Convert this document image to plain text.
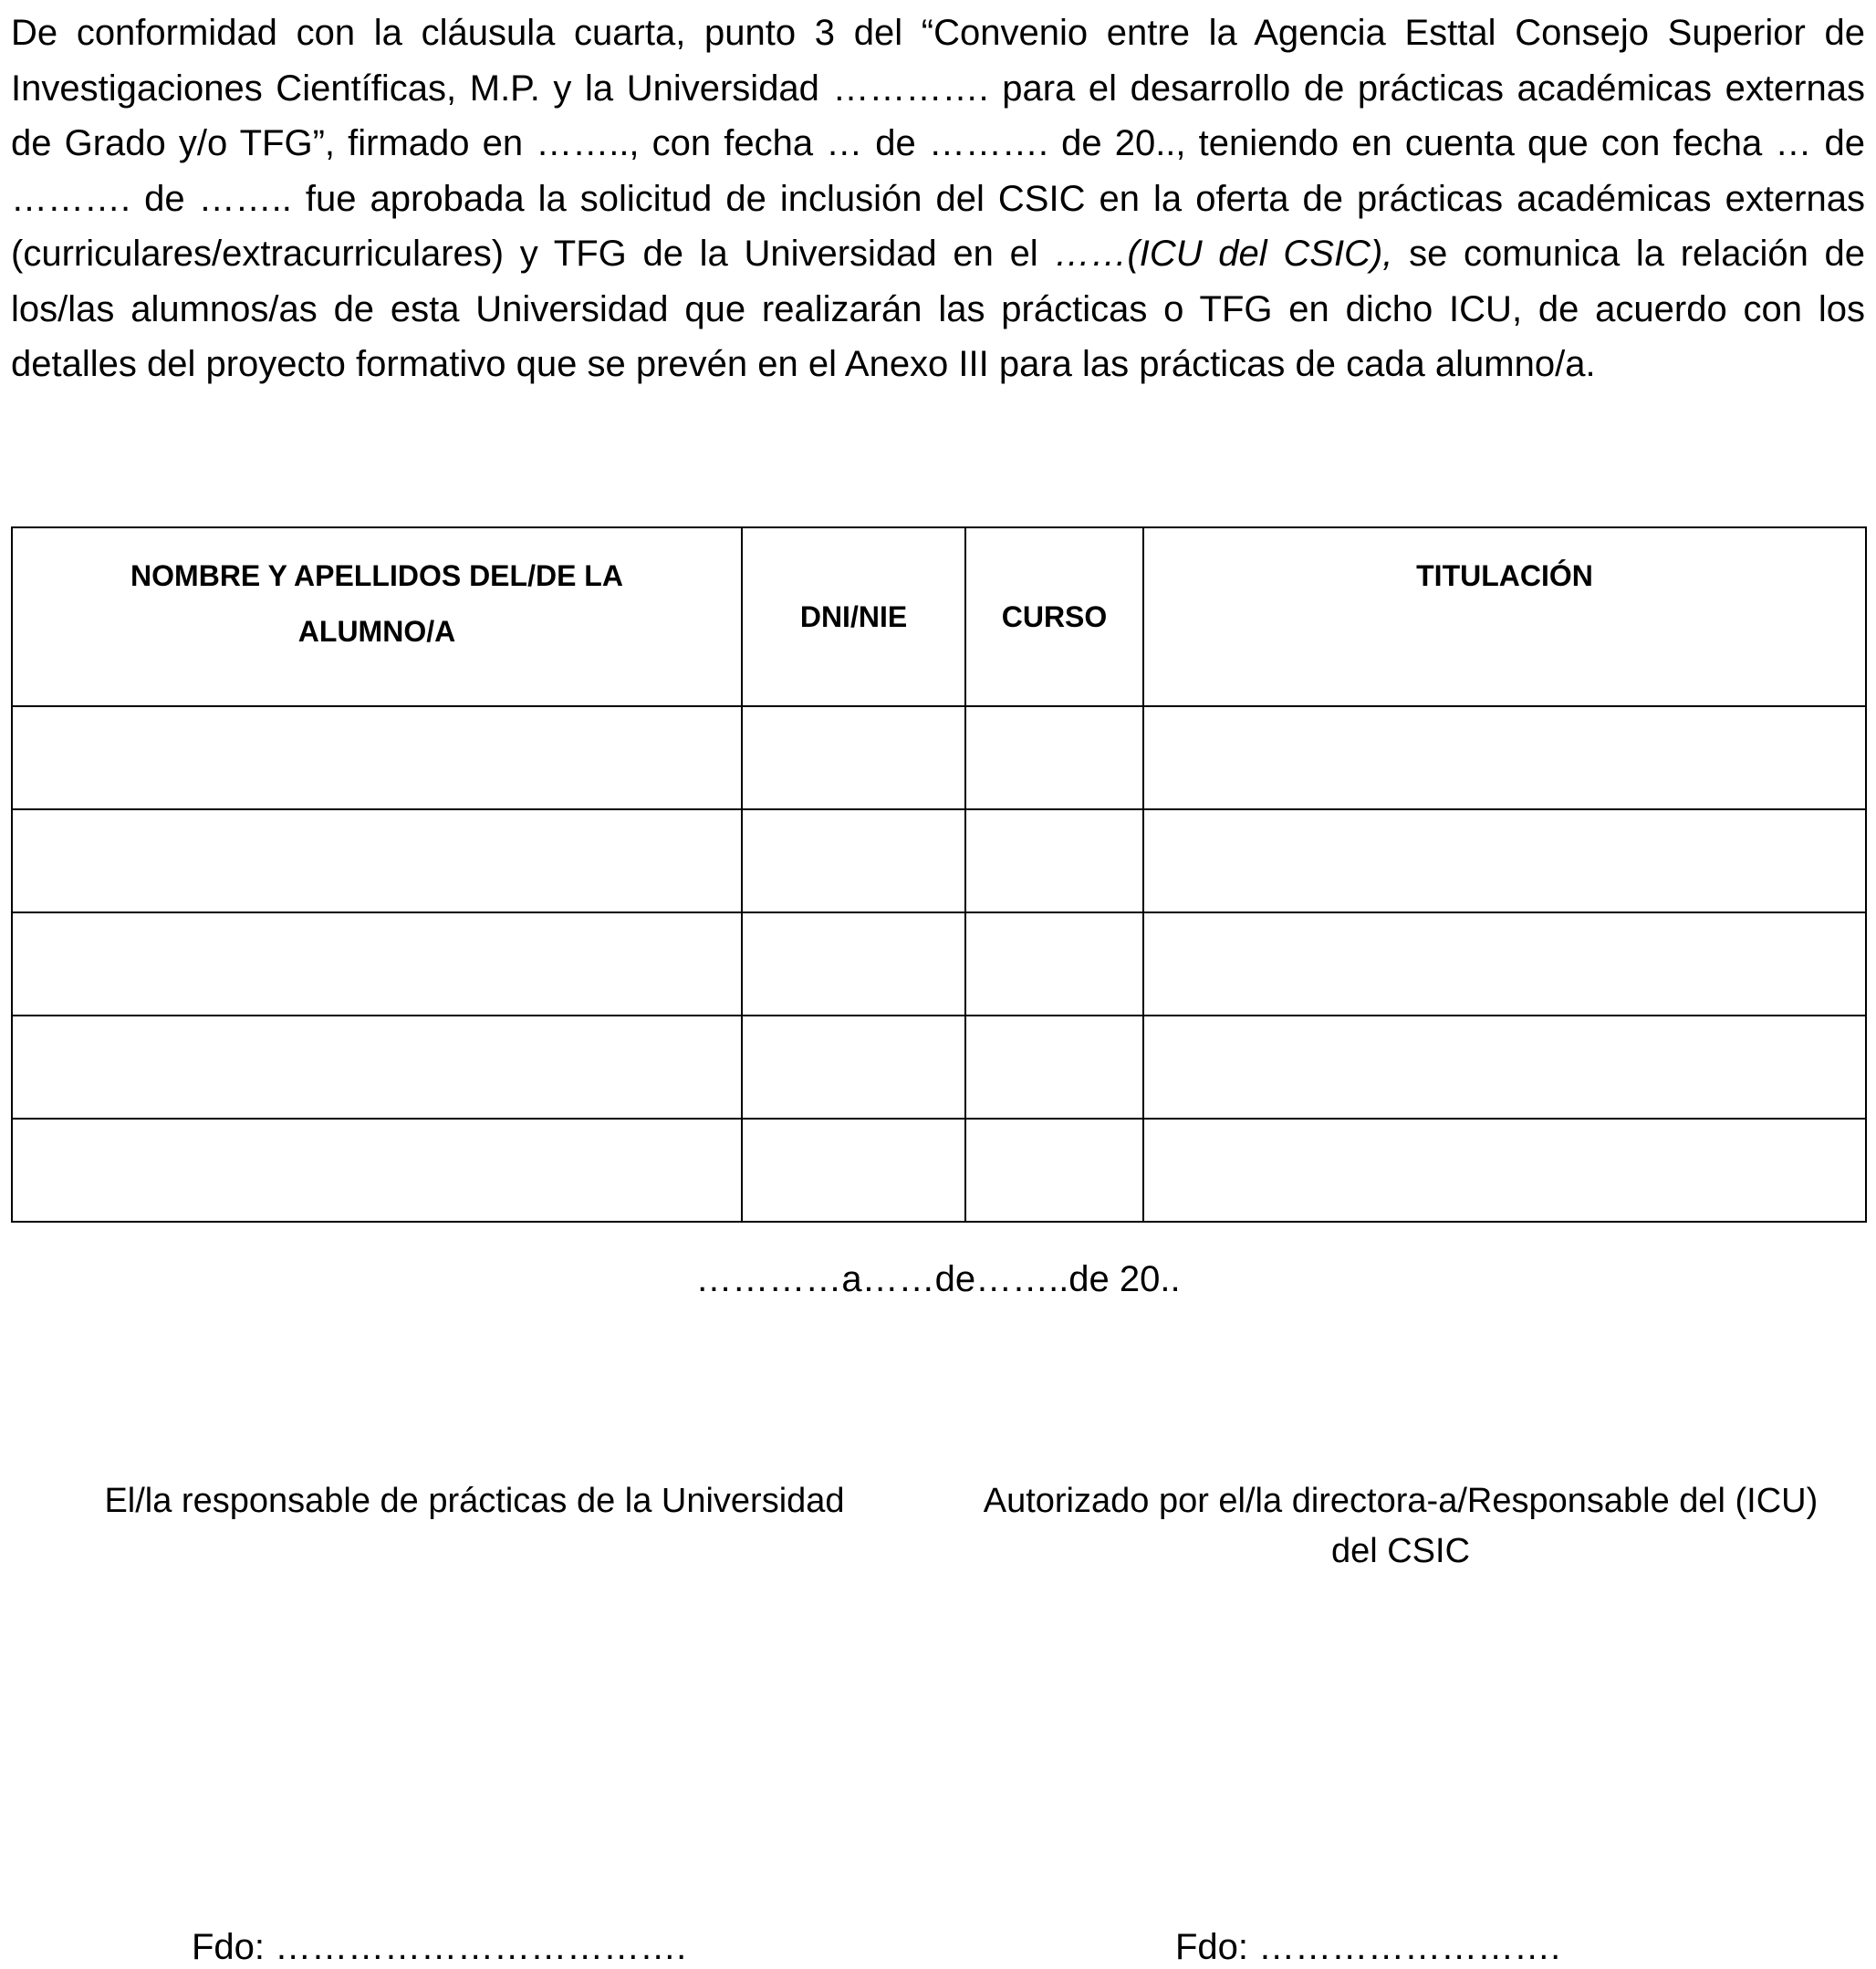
De conformidad con la cláusula cuarta, punto 3 del “Convenio entre la Agencia Esttal Consejo Superior de Investigaciones Científicas, M.P. y la Universidad …………. para el desarrollo de prácticas académicas externas de Grado y/o TFG”, firmado en …….., con fecha … de ………. de 20.., teniendo en cuenta que con fecha … de ………. de …….. fue aprobada la solicitud de inclusión del CSIC en la oferta de prácticas académicas externas (curriculares/extracurriculares) y TFG de la Universidad en el ……(ICU del CSIC), se comunica la relación de los/las alumnos/as de esta Universidad que realizarán las prácticas o TFG en dicho ICU, de acuerdo con los detalles del proyecto formativo que se prevén en el Anexo III para las prácticas de cada alumno/a.

NOMBRE Y APELLIDOS DEL/DE LA ALUMNO/A	DNI/NIE	CURSO	TITULACIÓN

…………a……de……..de 20..
El/la responsable de prácticas de la Universidad	Autorizado por el/la directora-a/Responsable del (ICU) del CSIC
Fdo: …………………………….	Fdo: …………………….
